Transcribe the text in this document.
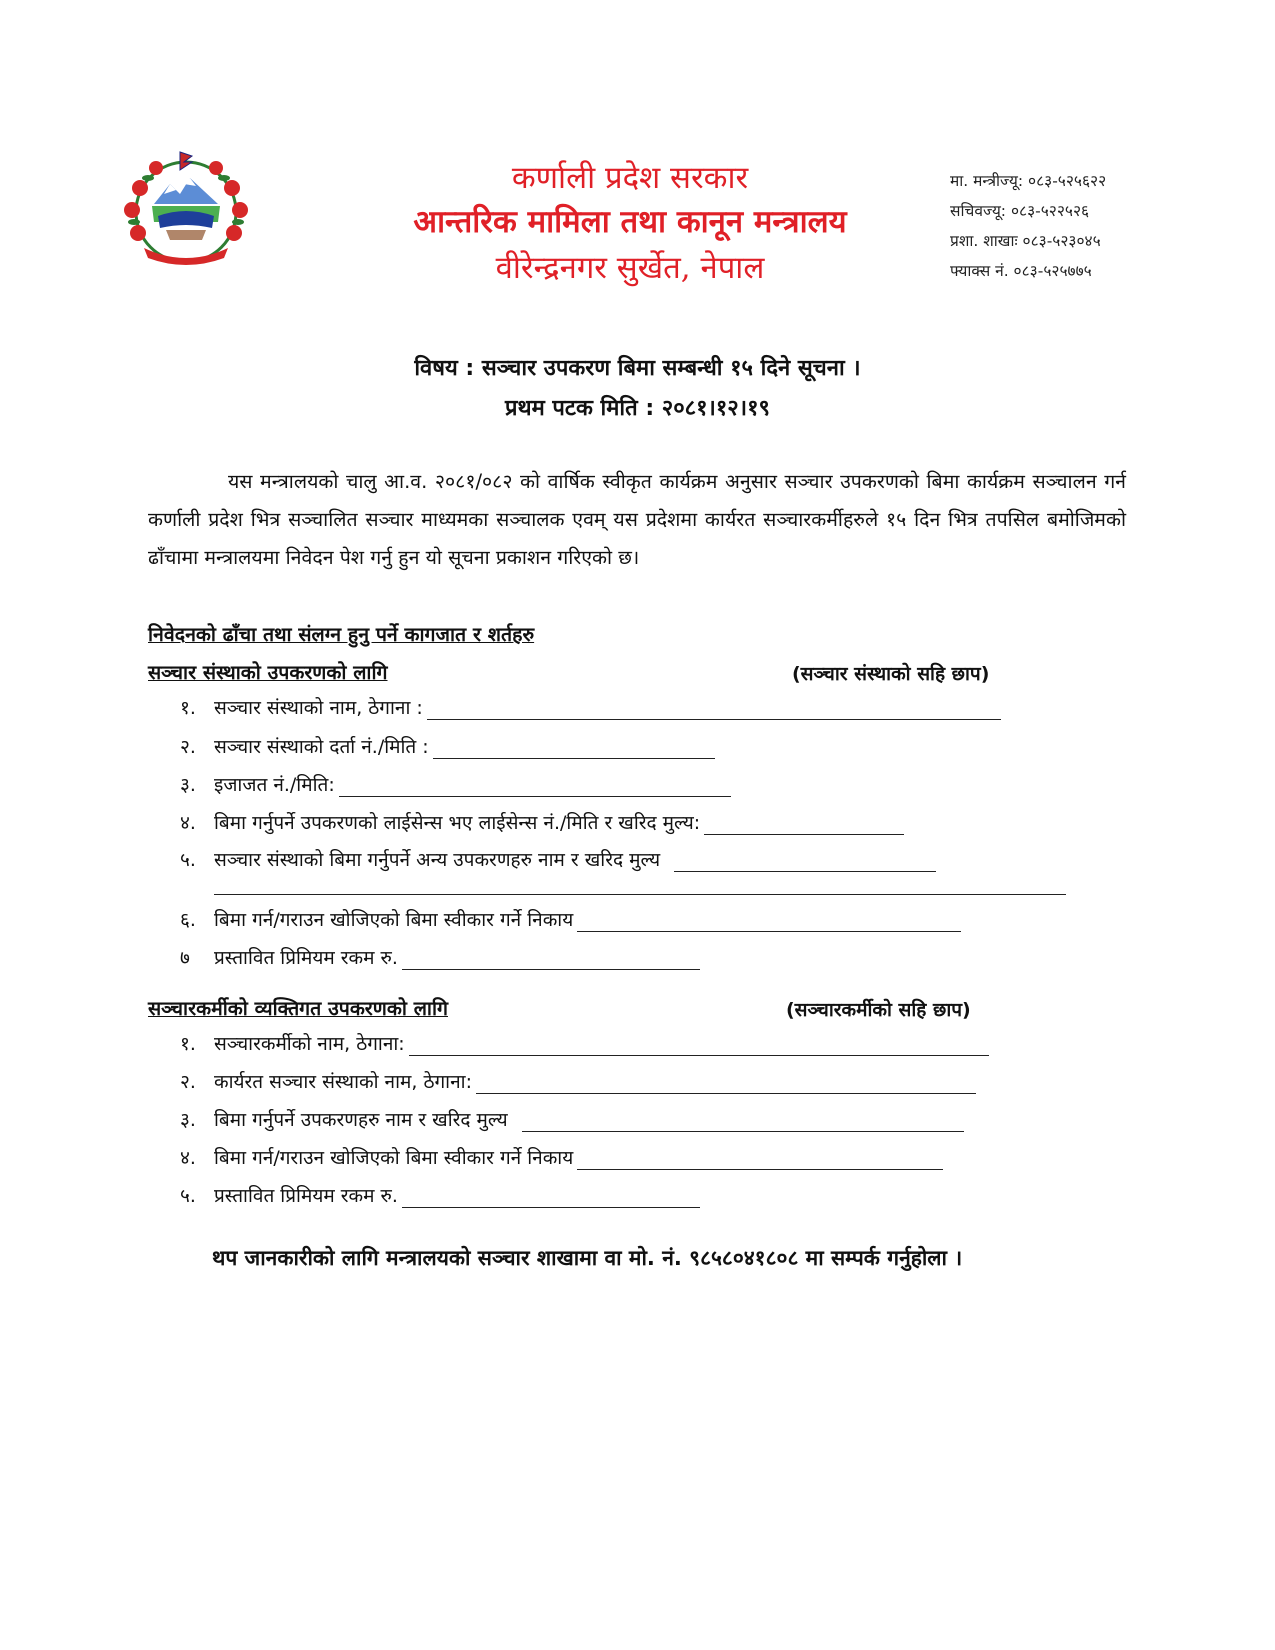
कर्णाली प्रदेश सरकार
आन्तरिक मामिला तथा कानून मन्त्रालय
वीरेन्द्रनगर सुर्खेत, नेपाल
मा. मन्त्रीज्यू: ०८३-५२५६२२
सचिवज्यू: ०८३-५२२५२६
प्रशा. शाखाः ०८३-५२३०४५
फ्याक्स नं. ०८३-५२५७७५
विषय : सञ्चार उपकरण बिमा सम्बन्धी १५ दिने सूचना ।
प्रथम पटक मिति : २०८१।१२।१९

यस मन्त्रालयको चालु आ.व. २०८१/०८२ को वार्षिक स्वीकृत कार्यक्रम अनुसार सञ्चार उपकरणको बिमा कार्यक्रम सञ्चालन गर्न कर्णाली प्रदेश भित्र सञ्चालित सञ्चार माध्यमका सञ्चालक एवम् यस प्रदेशमा कार्यरत सञ्चारकर्मीहरुले १५ दिन भित्र तपसिल बमोजिमको ढाँचामा मन्त्रालयमा निवेदन पेश गर्नु हुन यो सूचना प्रकाशन गरिएको छ।

निवेदनको ढाँचा तथा संलग्न हुनु पर्ने कागजात र शर्तहरु
सञ्चार संस्थाको उपकरणको लागि	(सञ्चार संस्थाको सहि छाप)
१. सञ्चार संस्थाको नाम, ठेगाना :
२. सञ्चार संस्थाको दर्ता नं./मिति :
३. इजाजत नं./मिति:
४. बिमा गर्नुपर्ने उपकरणको लाईसेन्स भए लाईसेन्स नं./मिति र खरिद मुल्य:
५. सञ्चार संस्थाको बिमा गर्नुपर्ने अन्य उपकरणहरु नाम र खरिद मुल्य
६. बिमा गर्न/गराउन खोजिएको बिमा स्वीकार गर्ने निकाय
७	प्रस्तावित प्रिमियम रकम रु.
सञ्चारकर्मीको व्यक्तिगत उपकरणको लागि	(सञ्चारकर्मीको सहि छाप)
१. सञ्चारकर्मीको नाम, ठेगाना:
२. कार्यरत सञ्चार संस्थाको नाम, ठेगाना:
३. बिमा गर्नुपर्ने उपकरणहरु नाम र खरिद मुल्य
४. बिमा गर्न/गराउन खोजिएको बिमा स्वीकार गर्ने निकाय
५. प्रस्तावित प्रिमियम रकम रु.

थप जानकारीको लागि मन्त्रालयको सञ्चार शाखामा वा मो. नं. ९८५८०४१८०८ मा सम्पर्क गर्नुहोला ।
